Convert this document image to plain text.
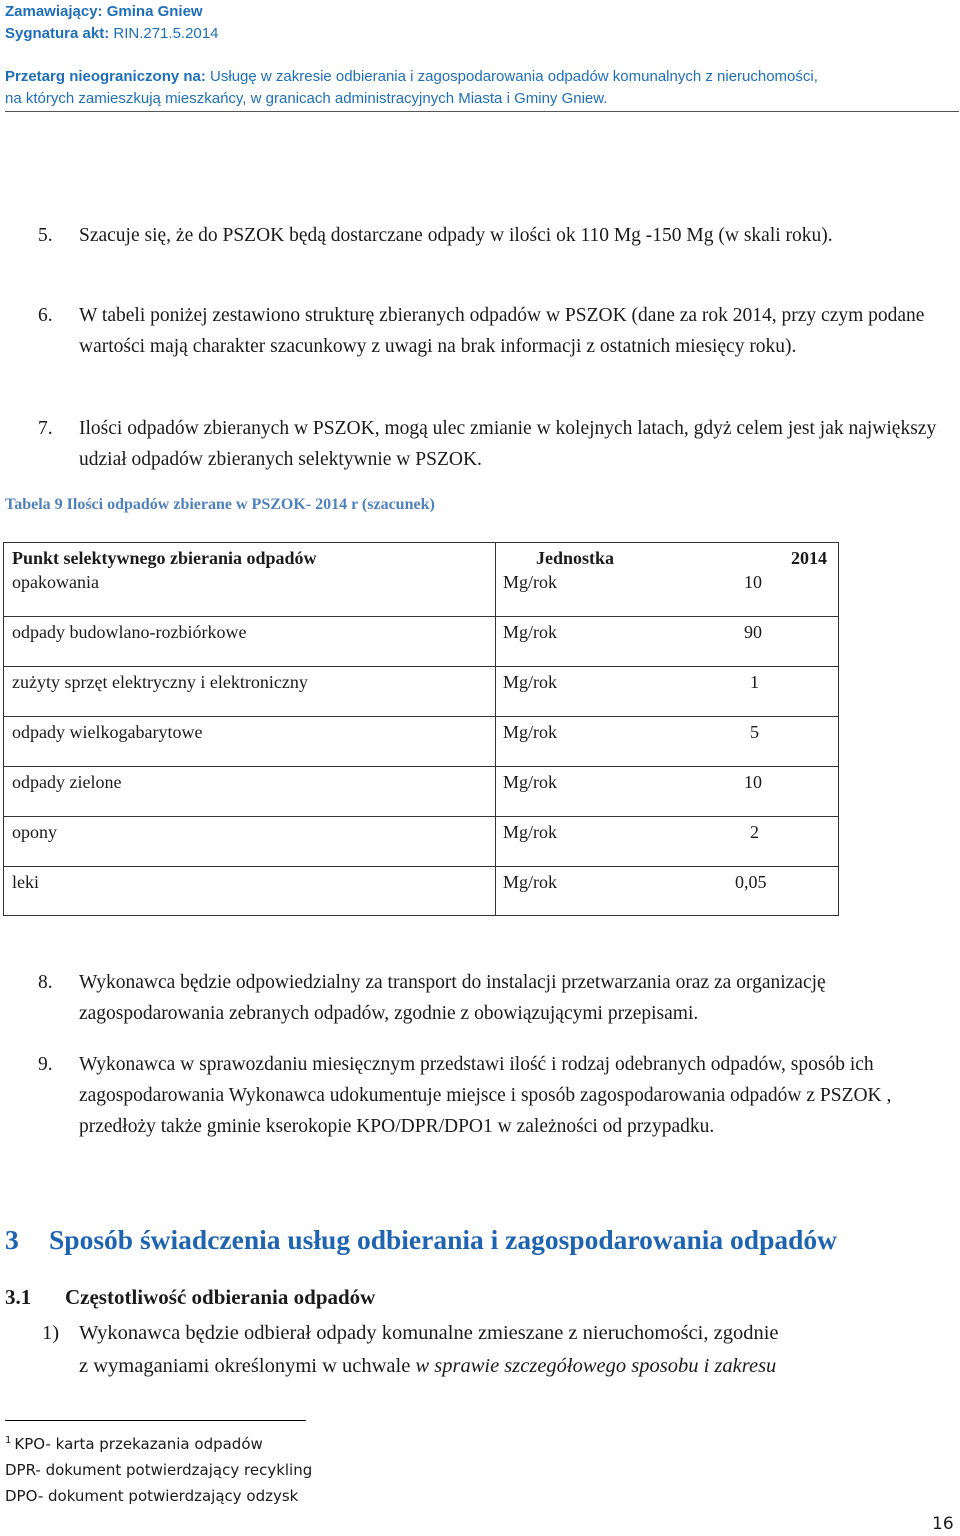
Zamawiający: Gmina Gniew
Sygnatura akt: RIN.271.5.2014
Przetarg nieograniczony na: Usługę w zakresie odbierania i zagospodarowania odpadów komunalnych z nieruchomości,
na których zamieszkują mieszkańcy, w granicach administracyjnych Miasta i Gminy Gniew.
5. Szacuje się, że do PSZOK będą dostarczane odpady w ilości ok 110 Mg -150 Mg (w skali roku).
6. W tabeli poniżej zestawiono strukturę zbieranych odpadów w PSZOK (dane za rok 2014, przy czym podane wartości mają charakter szacunkowy z uwagi na brak informacji z ostatnich miesięcy roku).
7. Ilości odpadów zbieranych w PSZOK, mogą ulec zmianie w kolejnych latach, gdyż celem jest jak największy udział odpadów zbieranych selektywnie w PSZOK.
Tabela 9 Ilości odpadów zbierane w PSZOK- 2014 r (szacunek)
Punkt selektywnego zbierania odpadów	Jednostka	2014
opakowania	Mg/rok	10
odpady budowlano-rozbiórkowe	Mg/rok	90
zużyty sprzęt elektryczny i elektroniczny	Mg/rok	1
odpady wielkogabarytowe	Mg/rok	5
odpady zielone	Mg/rok	10
opony	Mg/rok	2
leki	Mg/rok	0,05
8. Wykonawca będzie odpowiedzialny za transport do instalacji przetwarzania oraz za organizację zagospodarowania zebranych odpadów, zgodnie z obowiązującymi przepisami.
9. Wykonawca w sprawozdaniu miesięcznym przedstawi ilość i rodzaj odebranych odpadów, sposób ich zagospodarowania Wykonawca udokumentuje miejsce i sposób zagospodarowania odpadów z PSZOK , przedłoży także gminie kserokopie KPO/DPR/DPO1 w zależności od przypadku.
3 Sposób świadczenia usług odbierania i zagospodarowania odpadów
3.1 Częstotliwość odbierania odpadów
1) Wykonawca będzie odbierał odpady komunalne zmieszane z nieruchomości, zgodnie
z wymaganiami określonymi w uchwale w sprawie szczegółowego sposobu i zakresu
$^1$ KPO- karta przekazania odpadów
DPR- dokument potwierdzający recykling
DPO- dokument potwierdzający odzysk
16
